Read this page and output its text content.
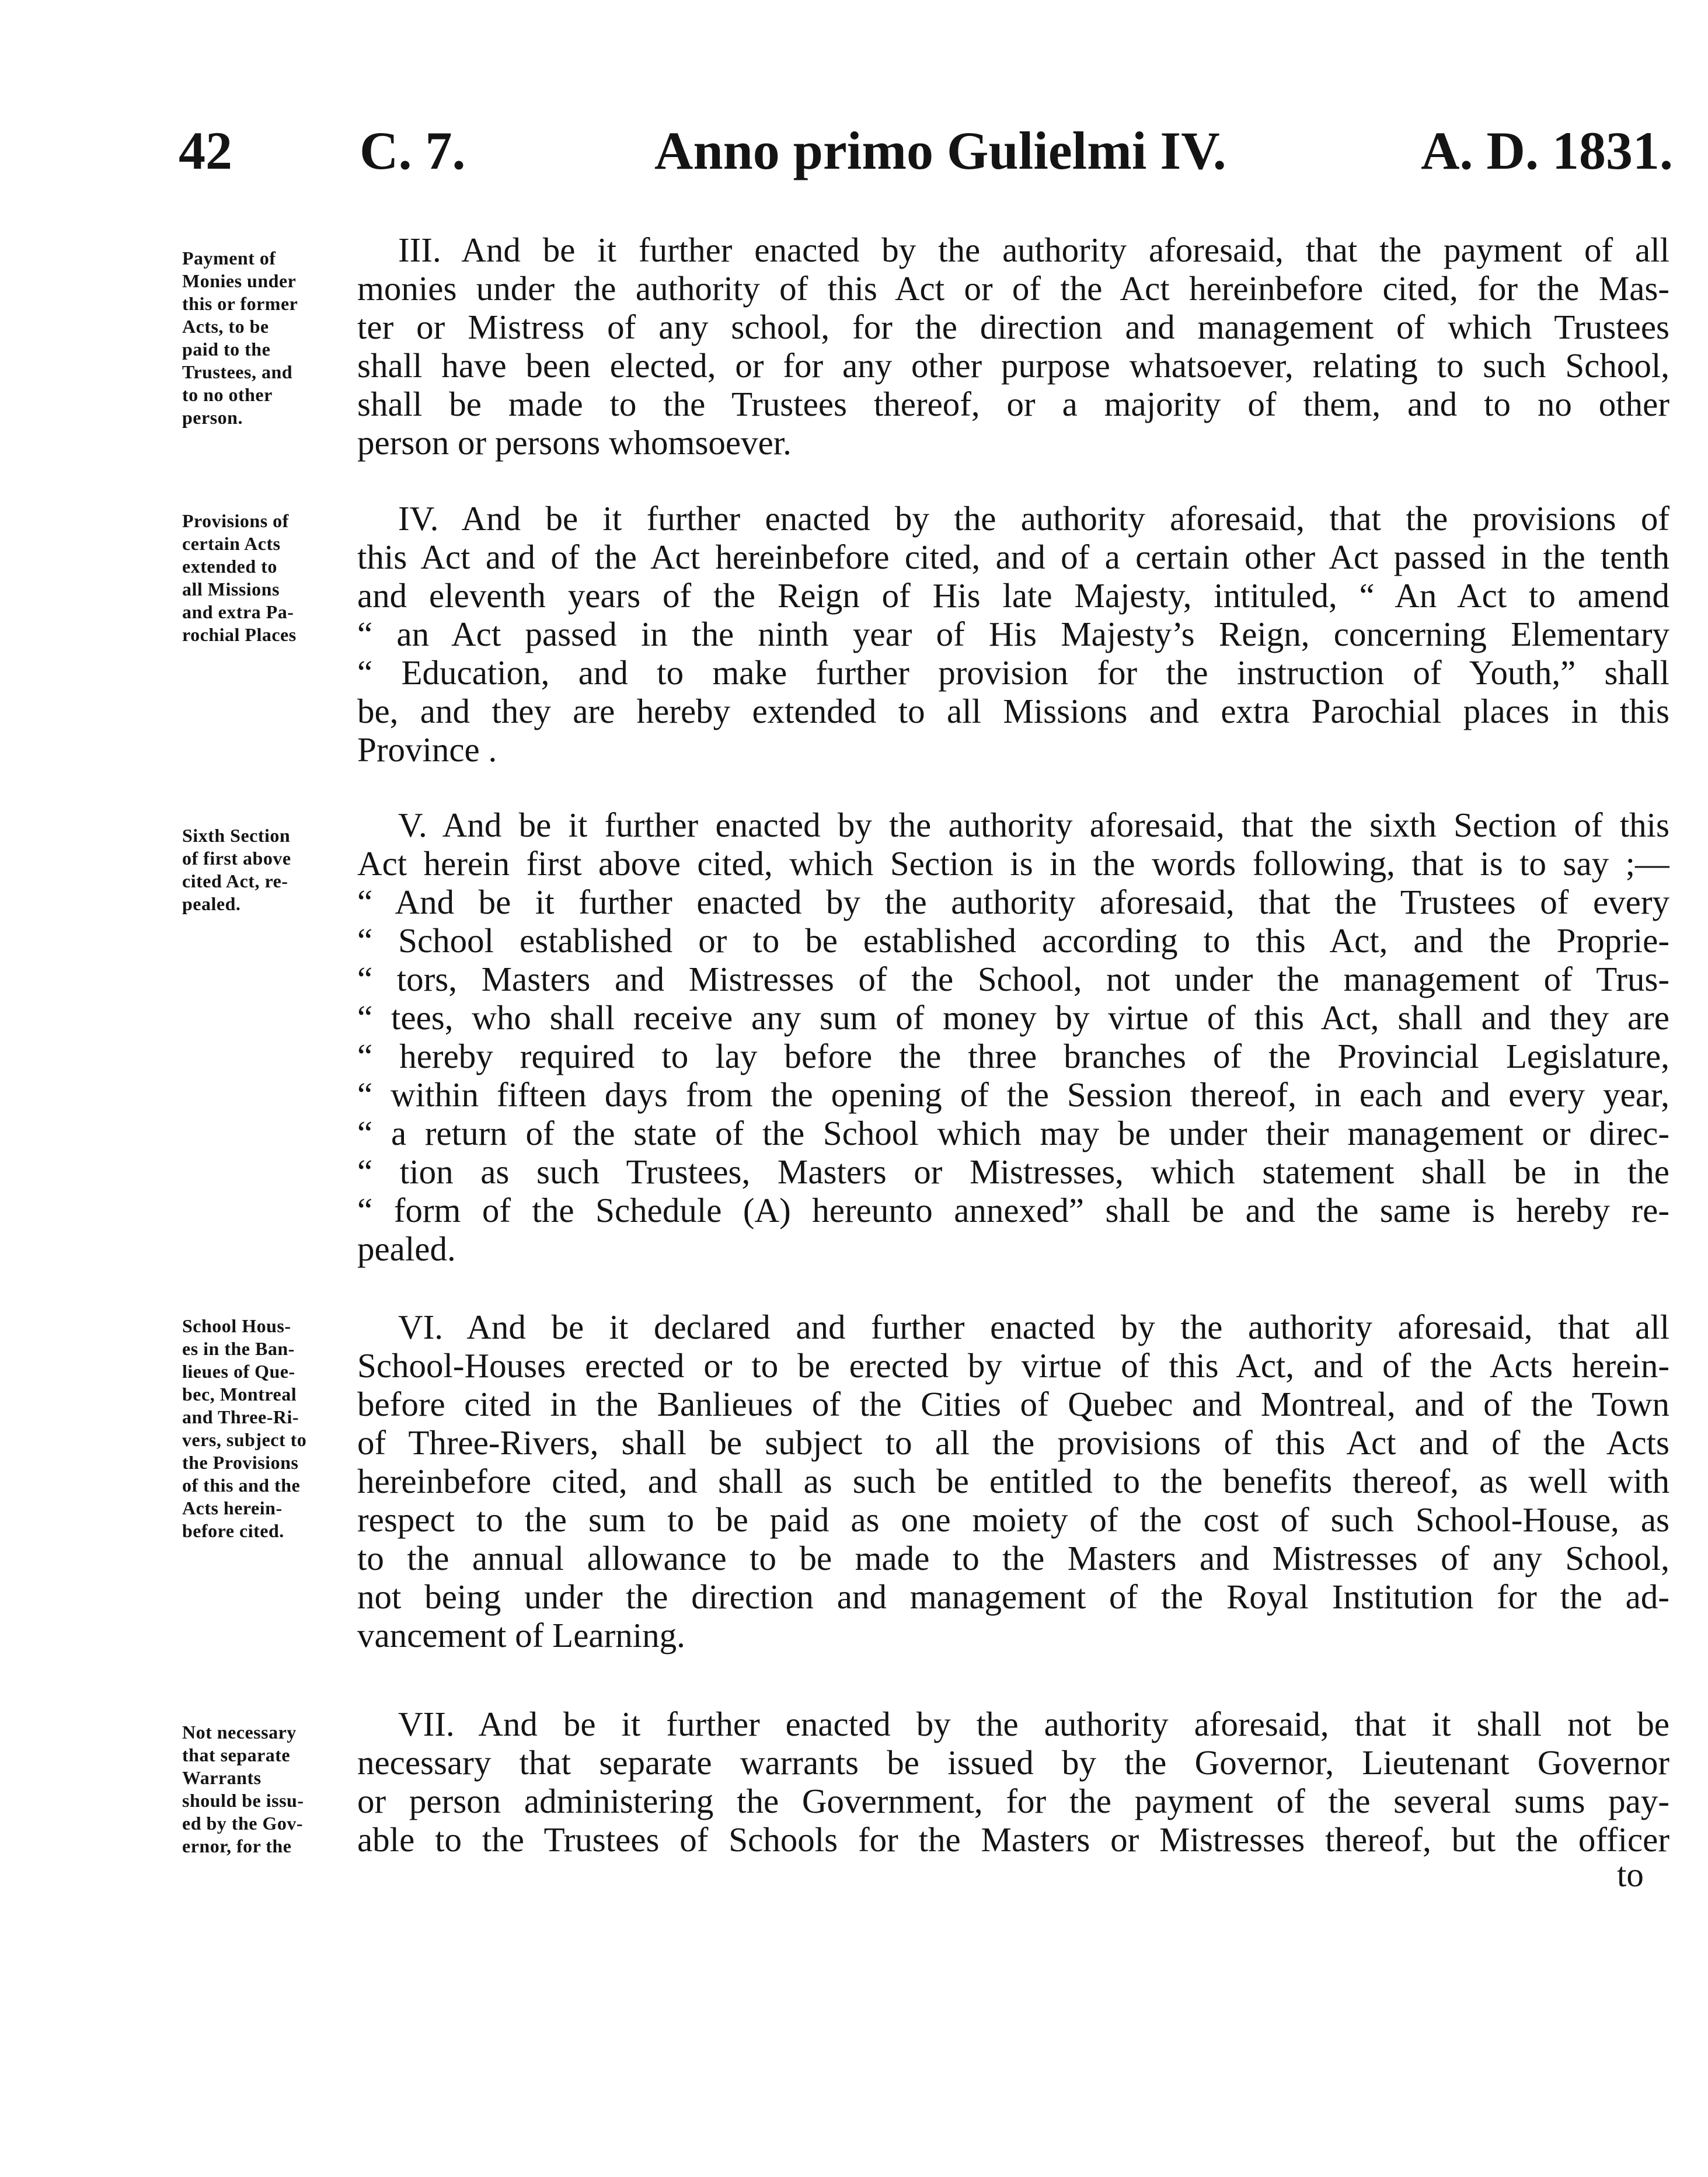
42 C. 7.	Anno primo Gulielmi IV.	A. D. 1831.
Payment of
Monies under
this or former
Acts, to be
paid to the
Trustees, and
to no other
person.
III. And be it further enacted by the authority aforesaid, that the payment of all
monies under the authority of this Act or of the Act hereinbefore cited, for the Mas-
ter or Mistress of any school, for the direction and management of which Trustees
shall have been elected, or for any other purpose whatsoever, relating to such School,
shall be made to the Trustees thereof, or a majority of them, and to no other
person or persons whomsoever.
Provisions of
certain Acts
extended to
all Missions
and extra Pa-
rochial Places
IV. And be it further enacted by the authority aforesaid, that the provisions of
this Act and of the Act hereinbefore cited, and of a certain other Act passed in the tenth
and eleventh years of the Reign of His late Majesty, intituled, “ An Act to amend
“ an Act passed in the ninth year of His Majesty’s Reign, concerning Elementary
“ Education, and to make further provision for the instruction of Youth,” shall
be, and they are hereby extended to all Missions and extra Parochial places in this
Province .
Sixth Section
of first above
cited Act, re-
pealed.
V. And be it further enacted by the authority aforesaid, that the sixth Section of this
Act herein first above cited, which Section is in the words following, that is to say ;—
“ And be it further enacted by the authority aforesaid, that the Trustees of every
“ School established or to be established according to this Act, and the Proprie-
“ tors, Masters and Mistresses of the School, not under the management of Trus-
“ tees, who shall receive any sum of money by virtue of this Act, shall and they are
“ hereby required to lay before the three branches of the Provincial Legislature,
“ within fifteen days from the opening of the Session thereof, in each and every year,
“ a return of the state of the School which may be under their management or direc-
“ tion as such Trustees, Masters or Mistresses, which statement shall be in the
“ form of the Schedule (A) hereunto annexed” shall be and the same is hereby re-
pealed.
School Hous-
es in the Ban-
lieues of Que-
bec, Montreal
and Three-Ri-
vers, subject to
the Provisions
of this and the
Acts herein-
before cited.
VI. And be it declared and further enacted by the authority aforesaid, that all
School-Houses erected or to be erected by virtue of this Act, and of the Acts herein-
before cited in the Banlieues of the Cities of Quebec and Montreal, and of the Town
of Three-Rivers, shall be subject to all the provisions of this Act and of the Acts
hereinbefore cited, and shall as such be entitled to the benefits thereof, as well with
respect to the sum to be paid as one moiety of the cost of such School-House, as
to the annual allowance to be made to the Masters and Mistresses of any School,
not being under the direction and management of the Royal Institution for the ad-
vancement of Learning.
Not necessary
that separate
Warrants
should be issu-
ed by the Gov-
ernor, for the
VII. And be it further enacted by the authority aforesaid, that it shall not be
necessary that separate warrants be issued by the Governor, Lieutenant Governor
or person administering the Government, for the payment of the several sums pay-
able to the Trustees of Schools for the Masters or Mistresses thereof, but the officer
to
